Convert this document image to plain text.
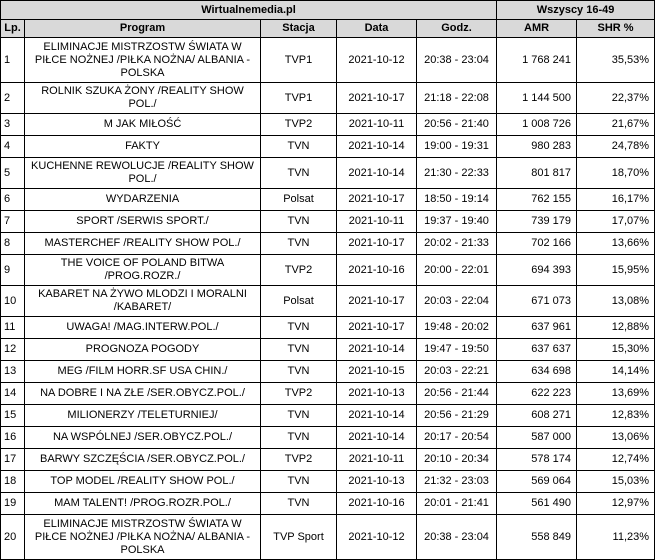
Wirtualnemedia.pl					Wszyscy 16-49	
Lp.	Program	Stacja	Data	Godz.	AMR	SHR %
1	ELIMINACJE MISTRZOSTW ŚWIATA W PIŁCE NOŻNEJ /PIŁKA NOŻNA/ ALBANIA - POLSKA	TVP1	2021-10-12	20:38 - 23:04	1 768 241	35,53%
2	ROLNIK SZUKA ŻONY /REALITY SHOW POL./	TVP1	2021-10-17	21:18 - 22:08	1 144 500	22,37%
3	M JAK MIŁOŚĆ	TVP2	2021-10-11	20:56 - 21:40	1 008 726	21,67%
4	FAKTY	TVN	2021-10-14	19:00 - 19:31	980 283	24,78%
5	KUCHENNE REWOLUCJE /REALITY SHOW POL./	TVN	2021-10-14	21:30 - 22:33	801 817	18,70%
6	WYDARZENIA	Polsat	2021-10-17	18:50 - 19:14	762 155	16,17%
7	SPORT /SERWIS SPORT./	TVN	2021-10-11	19:37 - 19:40	739 179	17,07%
8	MASTERCHEF /REALITY SHOW POL./	TVN	2021-10-17	20:02 - 21:33	702 166	13,66%
9	THE VOICE OF POLAND BITWA /PROG.ROZR./	TVP2	2021-10-16	20:00 - 22:01	694 393	15,95%
10	KABARET NA ŻYWO MLODZI I MORALNI /KABARET/	Polsat	2021-10-17	20:03 - 22:04	671 073	13,08%
11	UWAGA! /MAG.INTERW.POL./	TVN	2021-10-17	19:48 - 20:02	637 961	12,88%
12	PROGNOZA POGODY	TVN	2021-10-14	19:47 - 19:50	637 637	15,30%
13	MEG /FILM HORR.SF USA CHIN./	TVN	2021-10-15	20:03 - 22:21	634 698	14,14%
14	NA DOBRE I NA ZŁE /SER.OBYCZ.POL./	TVP2	2021-10-13	20:56 - 21:44	622 223	13,69%
15	MILIONERZY /TELETURNIEJ/	TVN	2021-10-14	20:56 - 21:29	608 271	12,83%
16	NA WSPÓLNEJ /SER.OBYCZ.POL./	TVN	2021-10-14	20:17 - 20:54	587 000	13,06%
17	BARWY SZCZĘŚCIA /SER.OBYCZ.POL./	TVP2	2021-10-11	20:10 - 20:34	578 174	12,74%
18	TOP MODEL /REALITY SHOW POL./	TVN	2021-10-13	21:32 - 23:03	569 064	15,03%
19	MAM TALENT! /PROG.ROZR.POL./	TVN	2021-10-16	20:01 - 21:41	561 490	12,97%
20	ELIMINACJE MISTRZOSTW ŚWIATA W PIŁCE NOŻNEJ /PIŁKA NOŻNA/ ALBANIA - POLSKA	TVP Sport	2021-10-12	20:38 - 23:04	558 849	11,23%
